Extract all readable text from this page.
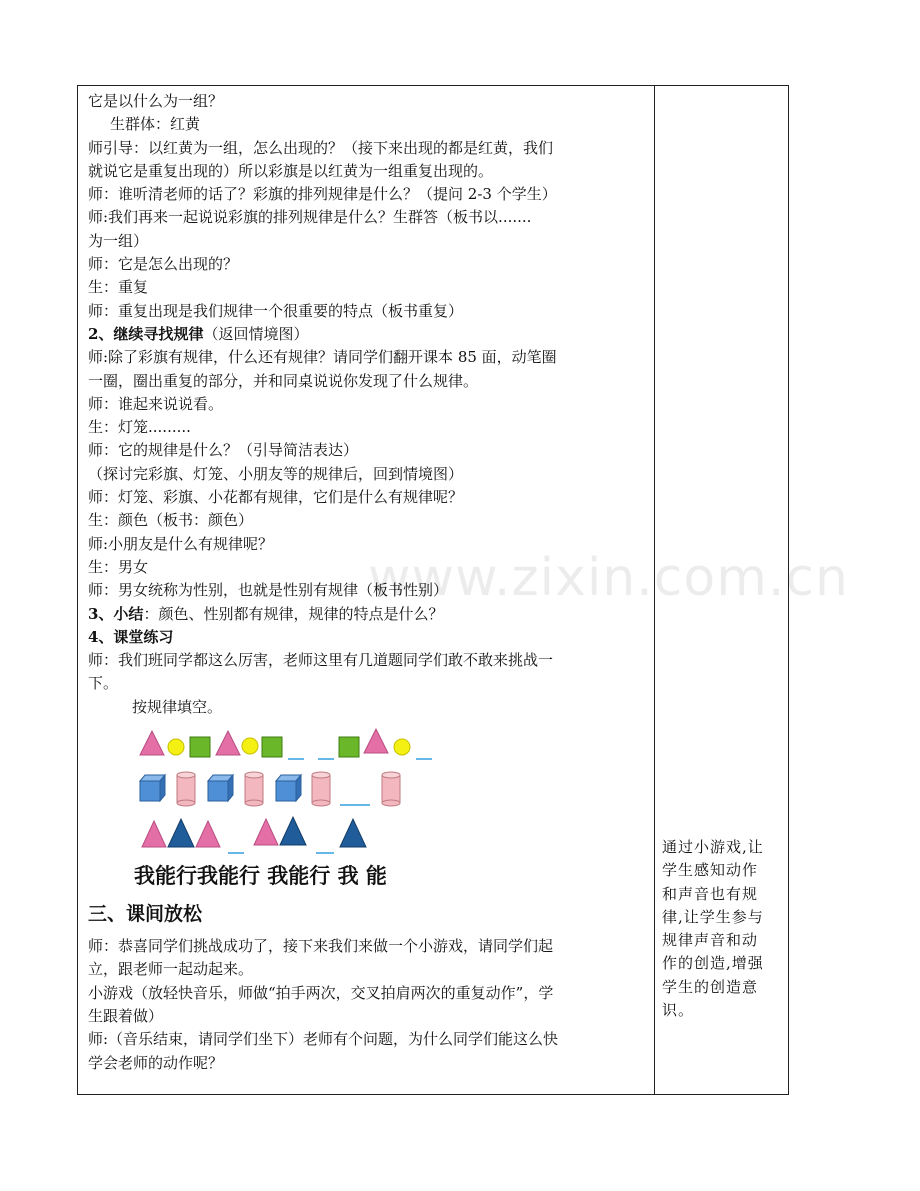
它是以什么为一组？
生群体：红黄
师引导：以红黄为一组，怎么出现的？（接下来出现的都是红黄，我们
就说它是重复出现的）所以彩旗是以红黄为一组重复出现的。
师：谁听清老师的话了？彩旗的排列规律是什么？（提问 2-3 个学生）
师:我们再来一起说说彩旗的排列规律是什么？生群答（板书以.......
为一组）
师：它是怎么出现的？
生：重复
师：重复出现是我们规律一个很重要的特点（板书重复）
2、继续寻找规律（返回情境图）
师:除了彩旗有规律，什么还有规律？请同学们翻开课本 85 面，动笔圈
一圈，圈出重复的部分，并和同桌说说你发现了什么规律。
师：谁起来说说看。
生：灯笼.........
师：它的规律是什么？（引导简洁表达）
（探讨完彩旗、灯笼、小朋友等的规律后，回到情境图）
师：灯笼、彩旗、小花都有规律，它们是什么有规律呢？
生：颜色（板书：颜色）
师:小朋友是什么有规律呢？
生：男女
师：男女统称为性别，也就是性别有规律（板书性别）
3、小结：颜色、性别都有规律，规律的特点是什么？
4、课堂练习
师：我们班同学都这么厉害，老师这里有几道题同学们敢不敢来挑战一
下。
按规律填空。
我能行我能行 我能行 我 能
三、课间放松
师：恭喜同学们挑战成功了，接下来我们来做一个小游戏，请同学们起
立，跟老师一起动起来。
小游戏（放轻快音乐，师做“拍手两次，交叉拍肩两次的重复动作”，学
生跟着做）
师:（音乐结束，请同学们坐下）老师有个问题，为什么同学们能这么快
学会老师的动作呢？
通过小游戏,让
学生感知动作
和声音也有规
律,让学生参与
规律声音和动
作的创造,增强
学生的创造意
识。
www.zixin.com.cn
